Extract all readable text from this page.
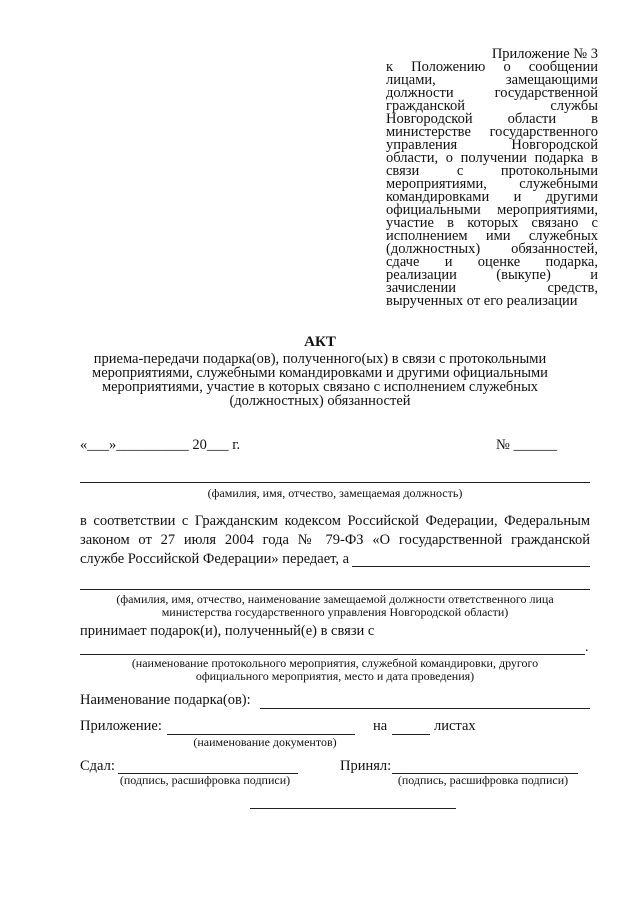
Приложение № 3
к Положению о сообщении
лицами, замещающими
должности государственной
гражданской службы
Новгородской области в
министерстве государственного
управления Новгородской
области, о получении подарка в
связи с протокольными
мероприятиями, служебными
командировками и другими
официальными мероприятиями,
участие в которых связано с
исполнением ими служебных
(должностных) обязанностей,
сдаче и оценке подарка,
реализации (выкупе) и
зачислении средств,
вырученных от его реализации
АКТ
приема-передачи подарка(ов), полученного(ых) в связи с протокольными
мероприятиями, служебными командировками и другими официальными
мероприятиями, участие в которых связано с исполнением служебных
(должностных) обязанностей
«___»__________ 20___ г.	№ ______
(фамилия, имя, отчество, замещаемая должность)
в соответствии с Гражданским кодексом Российской Федерации, Федеральным
законом от 27 июля 2004 года № 79-ФЗ «О государственной гражданской
службе Российской Федерации» передает, а
(фамилия, имя, отчество, наименование замещаемой должности ответственного лица
министерства государственного управления Новгородской области)
принимает подарок(и), полученный(е) в связи с
.
(наименование протокольного мероприятия, служебной командировки, другого
официального мероприятия, место и дата проведения)
Наименование подарка(ов):
Приложение:	на	листах
(наименование документов)
Сдал:
(подпись, расшифровка подписи)
Принял:
(подпись, расшифровка подписи)
